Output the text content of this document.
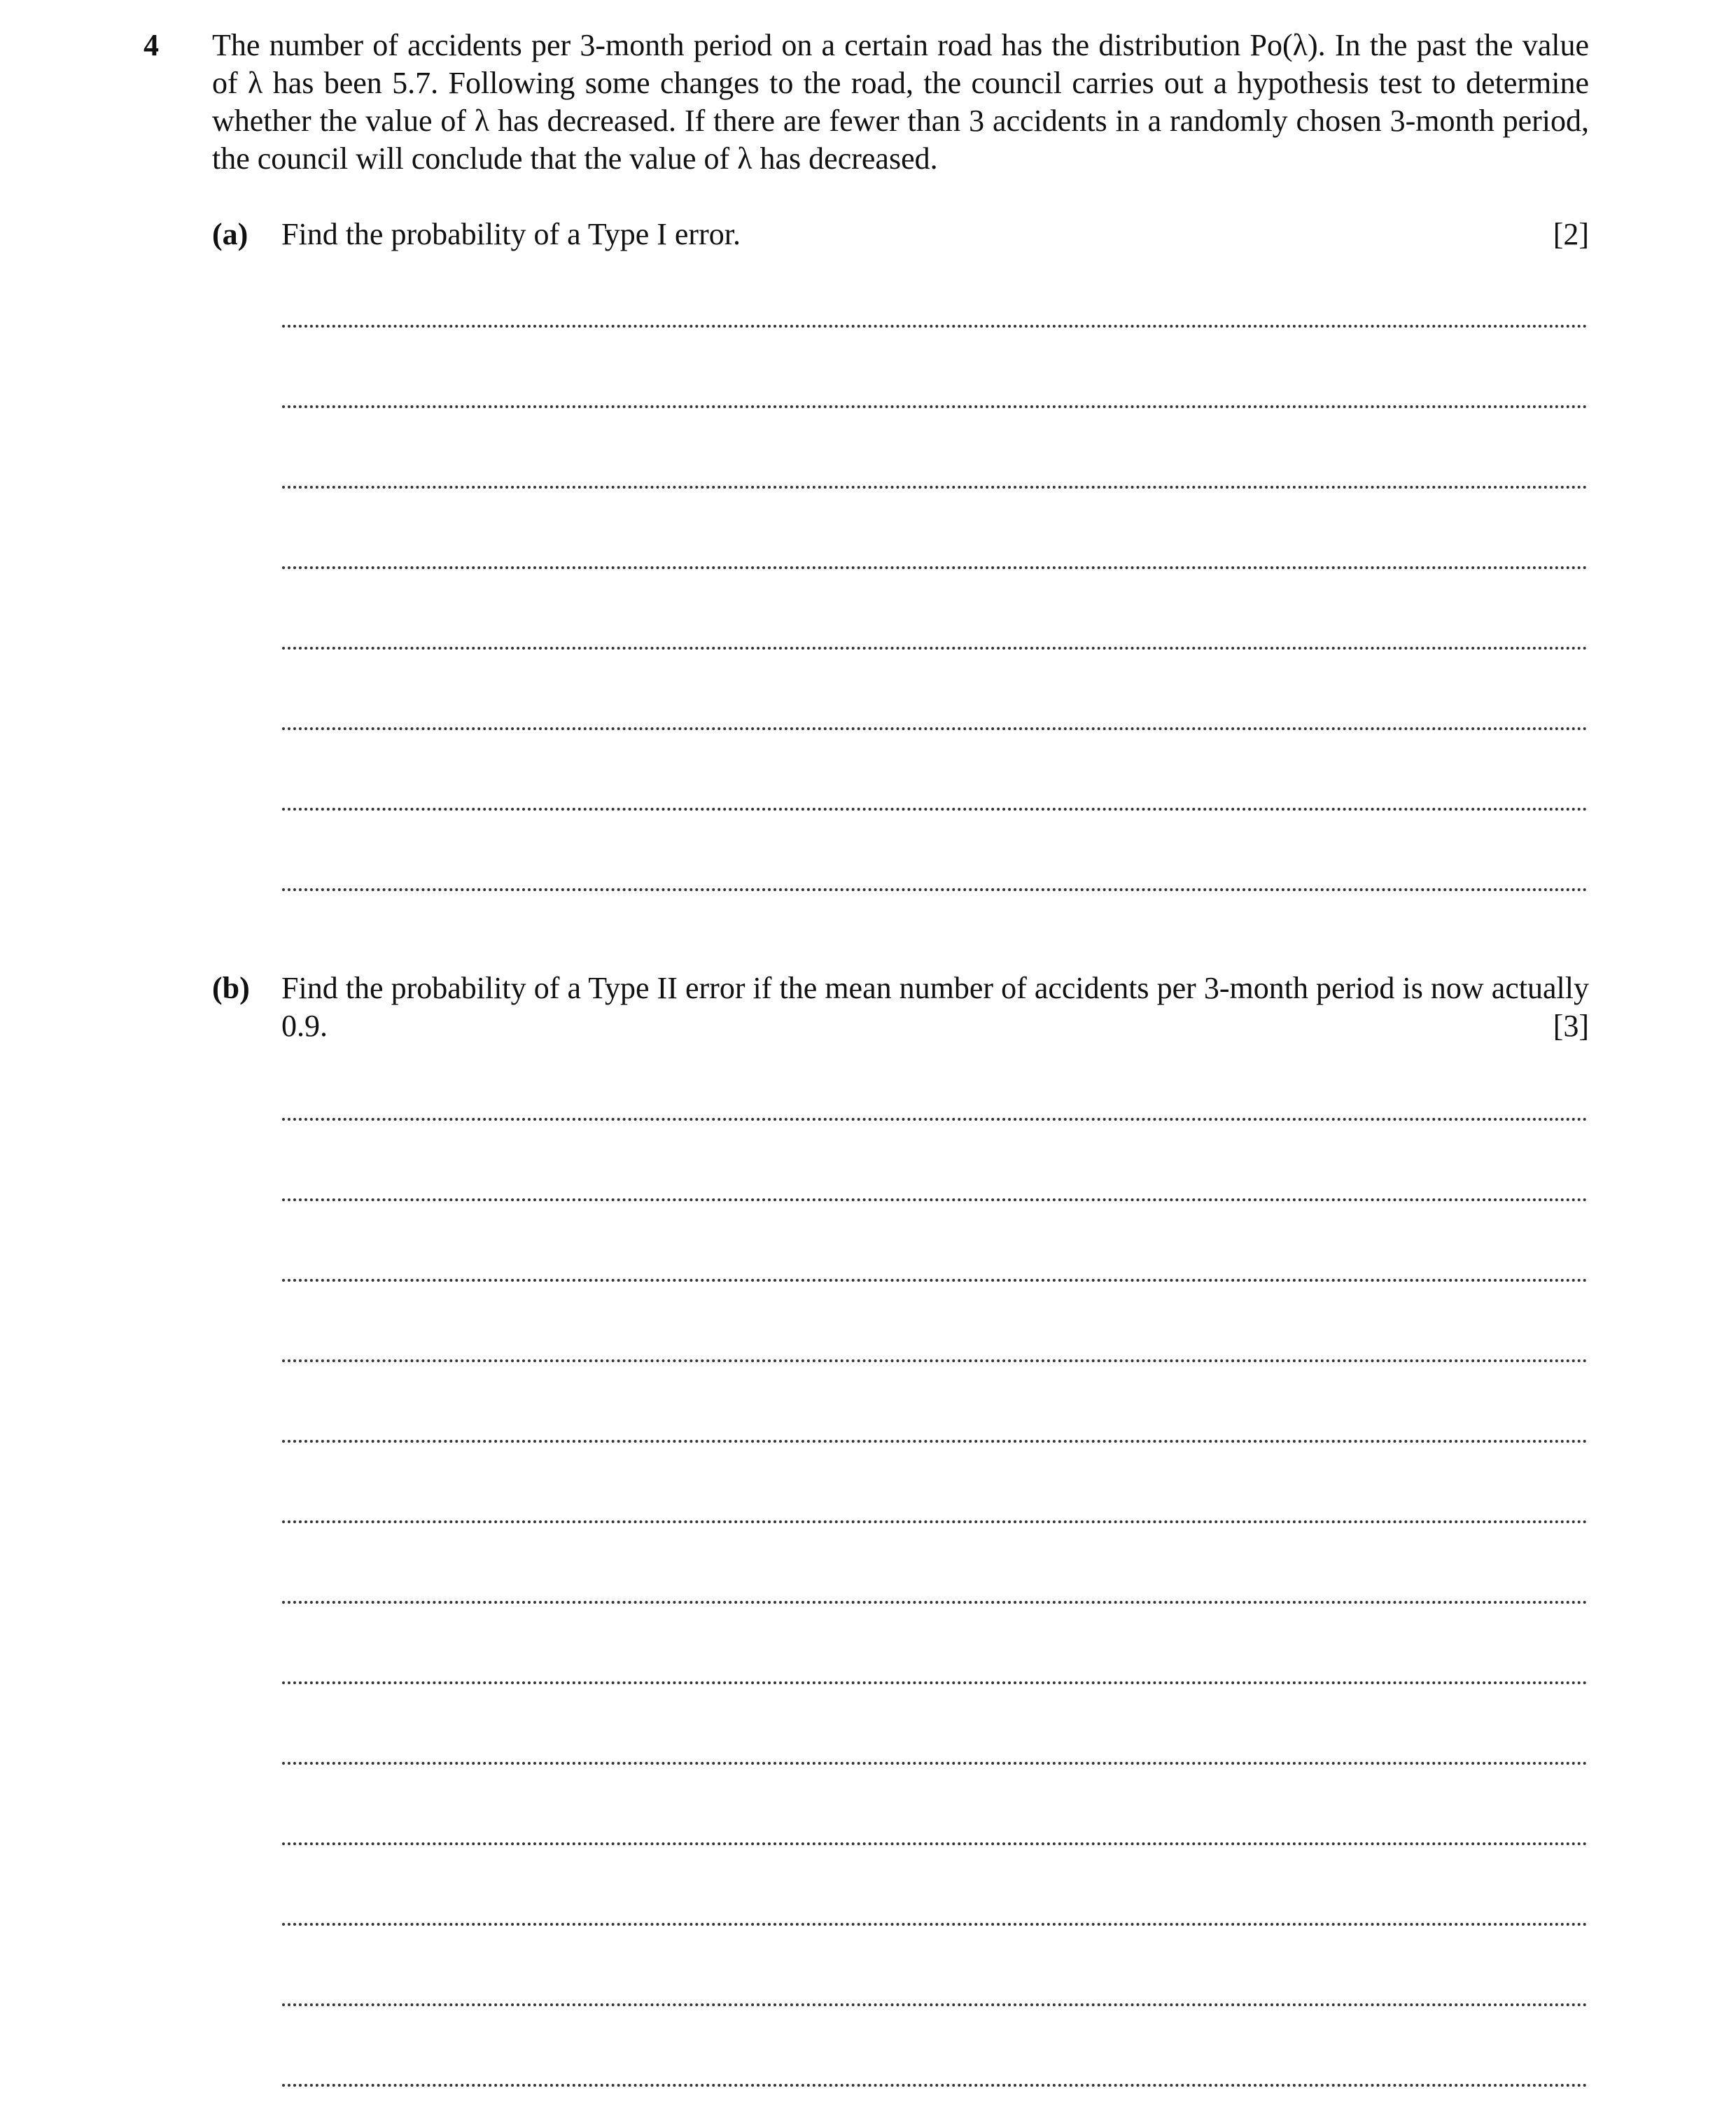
4 The number of accidents per 3-month period on a certain road has the distribution Po(λ). In the past the value of λ has been 5.7. Following some changes to the road, the council carries out a hypothesis test to determine whether the value of λ has decreased. If there are fewer than 3 accidents in a randomly chosen 3-month period, the council will conclude that the value of λ has decreased.
(a) Find the probability of a Type I error.	[2]
(b) Find the probability of a Type II error if the mean number of accidents per 3-month period is now actually 0.9.	[3]
